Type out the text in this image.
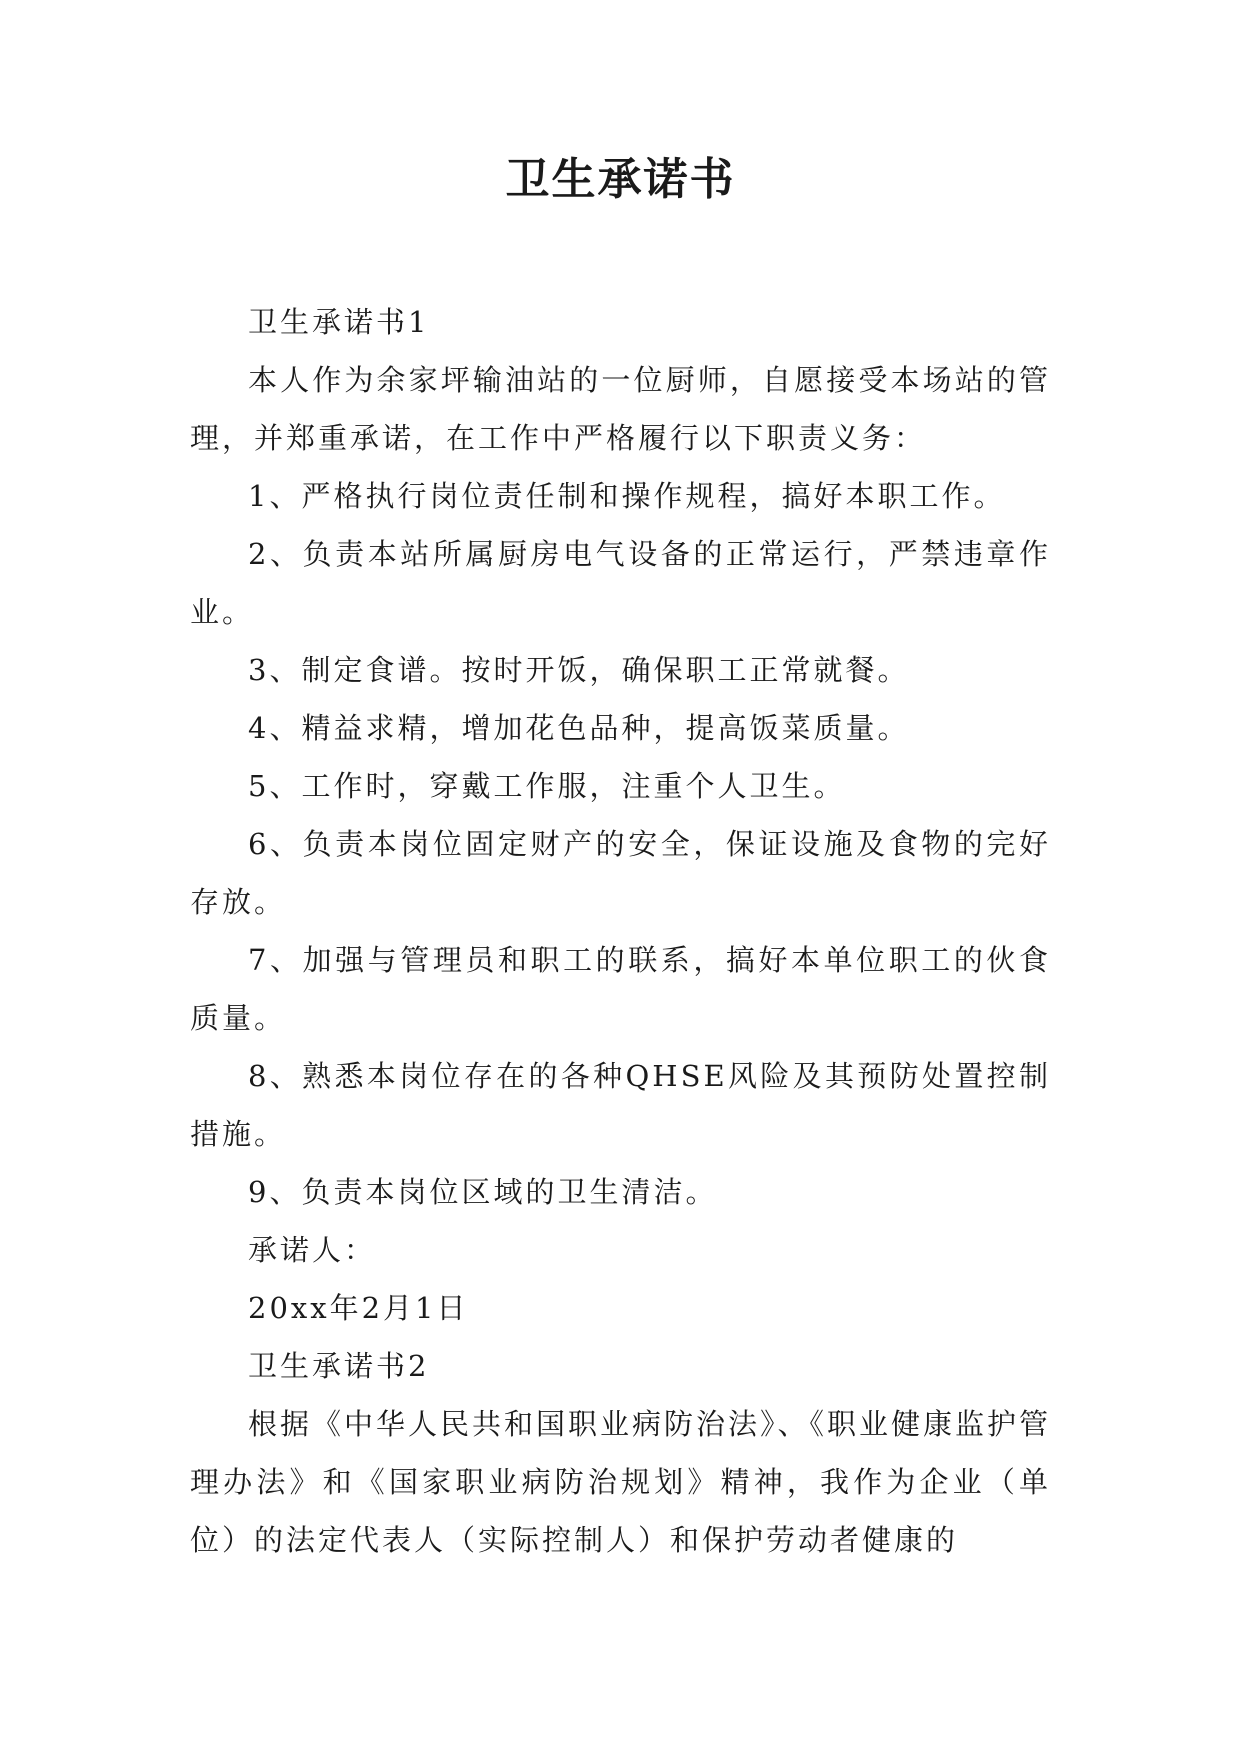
卫生承诺书

卫生承诺书1

本人作为余家坪输油站的一位厨师，自愿接受本场站的管理，并郑重承诺，在工作中严格履行以下职责义务：

1、严格执行岗位责任制和操作规程，搞好本职工作。

2、负责本站所属厨房电气设备的正常运行，严禁违章作业。

3、制定食谱。按时开饭，确保职工正常就餐。

4、精益求精，增加花色品种，提高饭菜质量。

5、工作时，穿戴工作服，注重个人卫生。

6、负责本岗位固定财产的安全，保证设施及食物的完好存放。

7、加强与管理员和职工的联系，搞好本单位职工的伙食质量。

8、熟悉本岗位存在的各种QHSE风险及其预防处置控制措施。

9、负责本岗位区域的卫生清洁。

承诺人：

20xx年2月1日

卫生承诺书2

根据《中华人民共和国职业病防治法》、《职业健康监护管理办法》和《国家职业病防治规划》精神，我作为企业（单位）的法定代表人（实际控制人）和保护劳动者健康的
